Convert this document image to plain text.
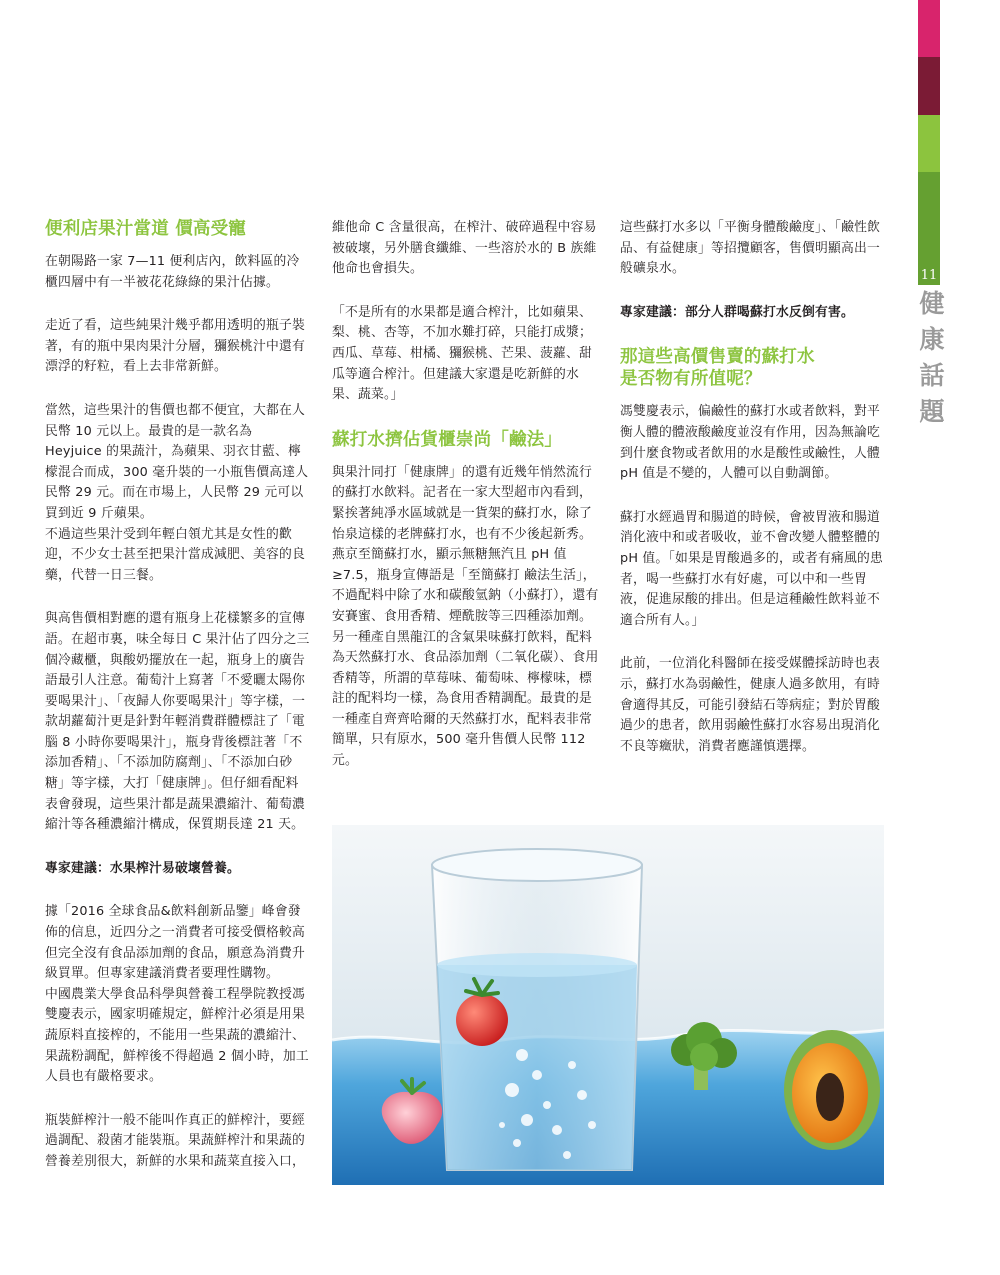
11
健
康
話
題
便利店果汁當道 價高受寵

在朝陽路一家 7—11 便利店內，飲料區的冷櫃四層中有一半被花花綠綠的果汁佔據。

走近了看，這些純果汁幾乎都用透明的瓶子裝著，有的瓶中果肉果汁分層，獼猴桃汁中還有漂浮的籽粒，看上去非常新鮮。

當然，這些果汁的售價也都不便宜，大都在人民幣 10 元以上。最貴的是一款名為 Heyjuice 的果蔬汁，為蘋果、羽衣甘藍、檸檬混合而成，300 毫升裝的一小瓶售價高達人民幣 29 元。而在市場上，人民幣 29 元可以買到近 9 斤蘋果。

不過這些果汁受到年輕白領尤其是女性的歡迎，不少女士甚至把果汁當成減肥、美容的良藥，代替一日三餐。

與高售價相對應的還有瓶身上花樣繁多的宣傳語。在超市裏，味全每日 C 果汁佔了四分之三個冷藏櫃，與酸奶擺放在一起，瓶身上的廣告語最引人注意。葡萄汁上寫著「不愛曬太陽你要喝果汁」、「夜歸人你要喝果汁」等字樣，一款胡蘿蔔汁更是針對年輕消費群體標註了「電腦 8 小時你要喝果汁」，瓶身背後標註著「不添加香精」、「不添加防腐劑」、「不添加白砂糖」等字樣，大打「健康牌」。但仔細看配料表會發現，這些果汁都是蔬果濃縮汁、葡萄濃縮汁等各種濃縮汁構成，保質期長達 21 天。

專家建議：水果榨汁易破壞營養。

據「2016 全球食品&飲料創新品鑒」峰會發佈的信息，近四分之一消費者可接受價格較高但完全沒有食品添加劑的食品，願意為消費升級買單。但專家建議消費者要理性購物。

中國農業大學食品科學與營養工程學院教授馮雙慶表示，國家明確規定，鮮榨汁必須是用果蔬原料直接榨的，不能用一些果蔬的濃縮汁、果蔬粉調配，鮮榨後不得超過 2 個小時，加工人員也有嚴格要求。

瓶裝鮮榨汁一般不能叫作真正的鮮榨汁，要經過調配、殺菌才能裝瓶。果蔬鮮榨汁和果蔬的營養差別很大，新鮮的水果和蔬菜直接入口，

維他命 C 含量很高，在榨汁、破碎過程中容易被破壞，另外膳食纖維、一些溶於水的 B 族維他命也會損失。

「不是所有的水果都是適合榨汁，比如蘋果、梨、桃、杏等，不加水難打碎，只能打成漿；西瓜、草莓、柑橘、獼猴桃、芒果、菠蘿、甜瓜等適合榨汁。但建議大家還是吃新鮮的水果、蔬菜。」

蘇打水擠佔貨櫃崇尚「鹼法」

與果汁同打「健康牌」的還有近幾年悄然流行的蘇打水飲料。記者在一家大型超市內看到，緊挨著純凈水區域就是一貨架的蘇打水，除了怡泉這樣的老牌蘇打水，也有不少後起新秀。燕京至簡蘇打水，顯示無糖無汽且 pH 值≥7.5，瓶身宣傳語是「至簡蘇打 鹼法生活」，不過配料中除了水和碳酸氫鈉（小蘇打），還有安賽蜜、食用香精、煙酰胺等三四種添加劑。另一種產自黑龍江的含氣果味蘇打飲料，配料為天然蘇打水、食品添加劑（二氧化碳）、食用香精等，所謂的草莓味、葡萄味、檸檬味，標註的配料均一樣，為食用香精調配。最貴的是一種產自齊齊哈爾的天然蘇打水，配料表非常簡單，只有原水，500 毫升售價人民幣 112 元。

這些蘇打水多以「平衡身體酸鹼度」、「鹼性飲品、有益健康」等招攬顧客，售價明顯高出一般礦泉水。

專家建議：部分人群喝蘇打水反倒有害。

那這些高價售賣的蘇打水
是否物有所值呢？

馮雙慶表示，偏鹼性的蘇打水或者飲料，對平衡人體的體液酸鹼度並沒有作用，因為無論吃到什麼食物或者飲用的水是酸性或鹼性，人體 pH 值是不變的，人體可以自動調節。

蘇打水經過胃和腸道的時候，會被胃液和腸道消化液中和或者吸收，並不會改變人體整體的 pH 值。「如果是胃酸過多的，或者有痛風的患者，喝一些蘇打水有好處，可以中和一些胃液，促進尿酸的排出。但是這種鹼性飲料並不適合所有人。」

此前，一位消化科醫師在接受媒體採訪時也表示，蘇打水為弱鹼性，健康人過多飲用，有時會適得其反，可能引發結石等病症；對於胃酸過少的患者，飲用弱鹼性蘇打水容易出現消化不良等癥狀，消費者應謹慎選擇。
